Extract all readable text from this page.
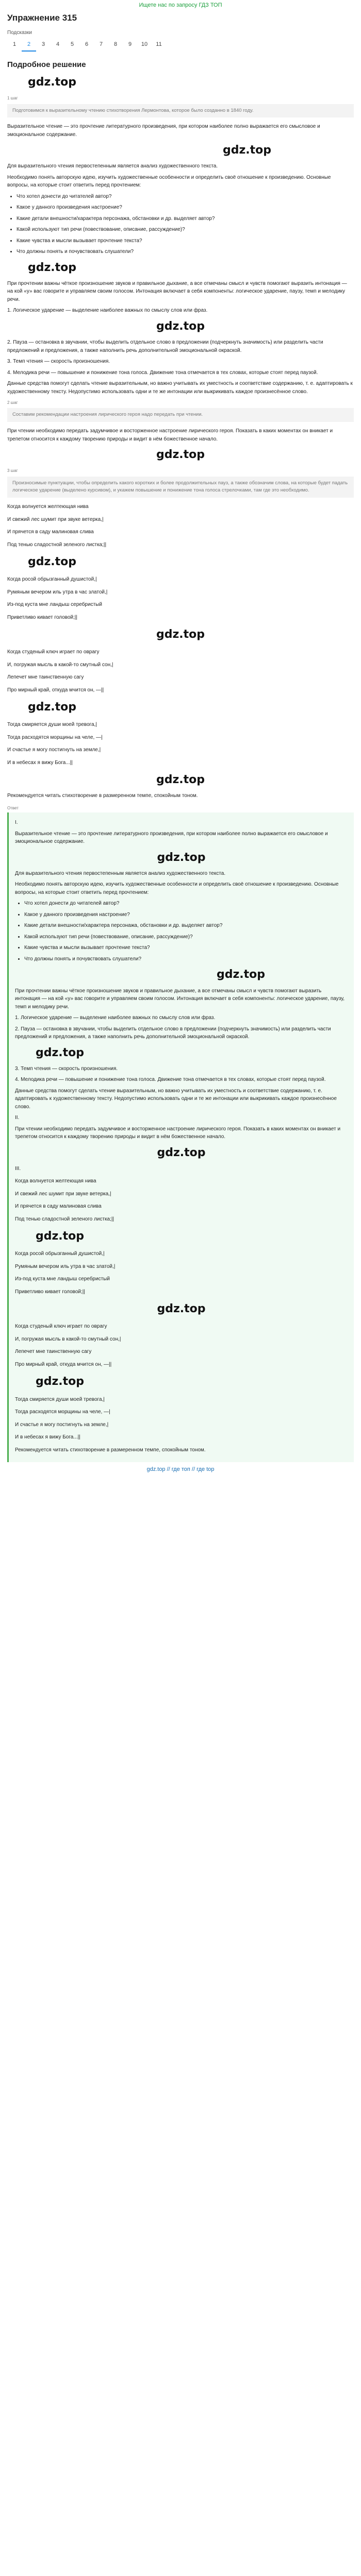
Ищете нас по запросу ГДЗ ТОП
Упражнение 315
Подсказки
1	2	3	4	5	6	7	8	9	10	11
Подробное решение
gdz.top
1 шаг
Подготовимся к выразительному чтению стихотворения Лермонтова, которое было созданно в 1840 году.

Выразительное чтение — это прочтение литературного произведения, при котором наиболее полно выражается его смысловое и эмоциональное содержание.

gdz.top

Для выразительного чтения первостепенным является анализ художественного текста.

Необходимо понять авторскую идею, изучить художественные особенности и определить своё отношение к произведению. Основные вопросы, на которые стоит ответить перед прочтением:

• Что хотел донести до читателей автор?
• Какое у данного произведения настроение?
• Какие детали внешности/характера персонажа, обстановки и др. выделяет автор?
• Какой используют тип речи (повествование, описание, рассуждение)?
• Какие чувства и мысли вызывает прочтение текста?
• Что должны понять и почувствовать слушатели?
gdz.top

При прочтении важны чёткое произношение звуков и правильное дыхание, а все отмечаны смысл и чувств помогают выразить интонация — на кой «у» вас говорите и управляем своим голосом. Интонация включает в себя компоненты: логическое ударение, паузу, темп и мелодику речи.

1. Логическое ударение — выделение наиболее важных по смыслу слов или фраз.

gdz.top

2. Пауза — остановка в звучании, чтобы выделить отдельное слово в предложении (подчеркнуть значимость) или разделить части предложений и предложения, а также наполнить речь дополнительной эмоциональной окраской.

3. Темп чтения — скорость произношения.

4. Мелодика речи — повышение и понижение тона голоса. Движение тона отмечается в тех словах, которые стоят перед паузой.

Данные средства помогут сделать чтение выразительным, но важно учитывать их уместность и соответствие содержанию, т. е. адаптировать к художественному тексту. Недопустимо использовать одни и те же интонации или выкрикивать каждое произнесённое слово.

2 шаг
Составим рекомендации настроения лирического героя надо передать при чтении.

При чтении необходимо передать задумчивое и восторженное настроение лирического героя. Показать в каких моментах он вникает и трепетом относится к каждому творению природы и видит в нём божественное начало.

gdz.top
3 шаг
Произносимые пунктуации, чтобы определить какого коротких и более продолжительных пауз, а также обозначим слова, на которые будет падать логическое ударение (выделено курсивом), и укажем повышение и понижение тона голоса стрелочками, там где это необходимо.

Когда волнуется желтеющая нива

И свежий лес шумит при звуке ветерка,|

И прячется в саду малиновая слива

Под тенью сладостной зеленого листка;||

gdz.top

Когда росой обрызганный душистой,|

Румяным вечером иль утра в час златой,|

Из-под куста мне ландыш серебристый

Приветливо кивает головой;||

gdz.top

Когда студеный ключ играет по оврагу

И, погружая мысль в какой-то смутный сон,|

Лепечет мне таинственную сагу

Про мирный край, откуда мчится он, —||

gdz.top

Тогда смиряется души моей тревога,|

Тогда расходятся морщины на челе, —|

И счастье я могу постигнуть на земле,|

И в небесах я вижу Бога...||

gdz.top

Рекомендуется читать стихотворение в размеренном темпе, спокойным тоном.

Ответ

I.

Выразительное чтение — это прочтение литературного произведения, при котором наиболее полно выражается его смысловое и эмоциональное содержание.

gdz.top

Для выразительного чтения первостепенным является анализ художественного текста.

Необходимо понять авторскую идею, изучить художественные особенности и определить своё отношение к произведению. Основные вопросы, на которые стоит ответить перед прочтением:

• Что хотел донести до читателей автор?
• Какое у данного произведения настроение?
• Какие детали внешности/характера персонажа, обстановки и др. выделяет автор?
• Какой используют тип речи (повествование, описание, рассуждение)?
• Какие чувства и мысли вызывает прочтение текста?
• Что должны понять и почувствовать слушатели?
gdz.top

При прочтении важны чёткое произношение звуков и правильное дыхание, а все отмечаны смысл и чувств помогают выразить интонация — на кой «у» вас говорите и управляем своим голосом. Интонация включает в себя компоненты: логическое ударение, паузу, темп и мелодику речи.

1. Логическое ударение — выделение наиболее важных по смыслу слов или фраз.

2. Пауза — остановка в звучании, чтобы выделить отдельное слово в предложении (подчеркнуть значимость) или разделить части предложений и предложения, а также наполнить речь дополнительной эмоциональной окраской.

gdz.top

3. Темп чтения — скорость произношения.

4. Мелодика речи — повышение и понижение тона голоса. Движение тона отмечается в тех словах, которые стоят перед паузой.

Данные средства помогут сделать чтение выразительным, но важно учитывать их уместность и соответствие содержанию, т. е. адаптировать к художественному тексту. Недопустимо использовать одни и те же интонации или выкрикивать каждое произнесённое слово.

II.

При чтении необходимо передать задумчивое и восторженное настроение лирического героя. Показать в каких моментах он вникает и трепетом относится к каждому творению природы и видит в нём божественное начало.

gdz.top

III.

Когда волнуется желтеющая нива

И свежий лес шумит при звуке ветерка,|

И прячется в саду малиновая слива

Под тенью сладостной зеленого листка;||

gdz.top

Когда росой обрызганный душистой,|

Румяным вечером иль утра в час златой,|

Из-под куста мне ландыш серебристый

Приветливо кивает головой;||

gdz.top

Когда студеный ключ играет по оврагу

И, погружая мысль в какой-то смутный сон,|

Лепечет мне таинственную сагу

Про мирный край, откуда мчится он, —||

gdz.top

Тогда смиряется души моей тревога,|

Тогда расходятся морщины на челе, —|

И счастье я могу постигнуть на земле,|

И в небесах я вижу Бога...||

Рекомендуется читать стихотворение в размеренном темпе, спокойным тоном.

gdz.top // где топ // где top
